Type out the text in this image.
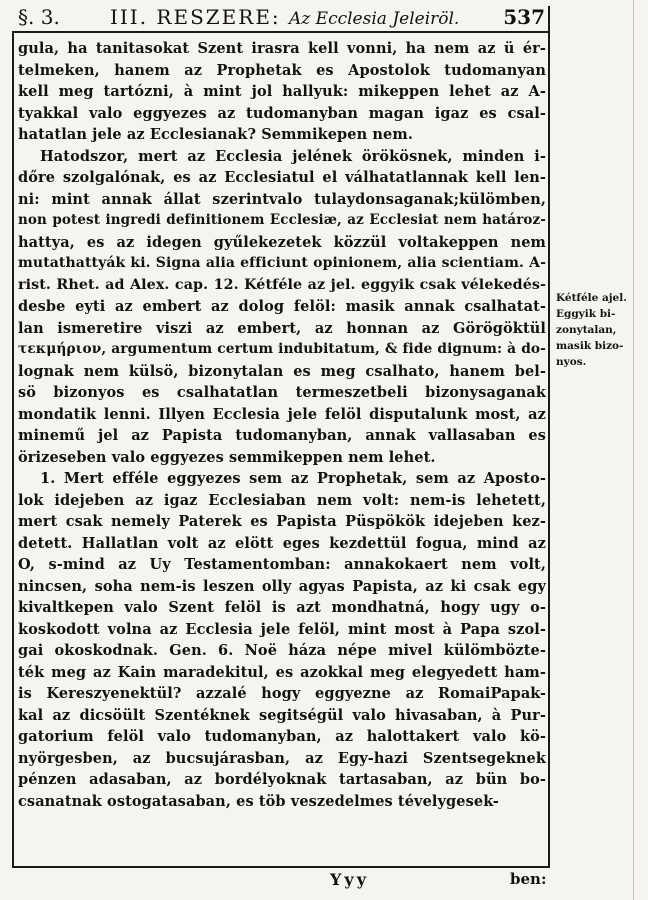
§. 3.	III. RESZERE: Az Ecclesia Jeleiröl. 537
gula, ha tanitasokat Szent irasra kell vonni, ha nem az ü ér-
telmeken, hanem az Prophetak es Apostolok tudomanyan
kell meg tartózni, à mint jol hallyuk: mikeppen lehet az A-
tyakkal valo eggyezes az tudomanyban magan igaz es csal-
hatatlan jele az Ecclesianak? Semmikepen nem.
Hatodszor, mert az Ecclesia jelének örökösnek, minden i-
dőre szolgalónak, es az Ecclesiatul el válhatatlannak kell len-
ni: mint annak állat szerintvalo tulaydonsaganak;külömben,
non potest ingredi definitionem Ecclesiæ, az Ecclesiat nem határoz-
hattya, es az idegen gyűlekezetek közzül voltakeppen nem
mutathattyák ki. Signa alia efficiunt opinionem, alia scientiam. A-
rist. Rhet. ad Alex. cap. 12. Kétféle az jel. eggyik csak vélekedés-
desbe eyti az embert az dolog felöl: masik annak csalhatat-
lan ismeretire viszi az embert, az honnan az Görögöktül
τεκμήριον, argumentum certum indubitatum, & fide dignum: à do-
lognak nem külsö, bizonytalan es meg csalhato, hanem bel-
sö bizonyos es csalhatatlan termeszetbeli bizonysaganak
mondatik lenni. Illyen Ecclesia jele felöl disputalunk most, az
minemű jel az Papista tudomanyban, annak vallasaban es
örizeseben valo eggyezes semmikeppen nem lehet.
1. Mert efféle eggyezes sem az Prophetak, sem az Aposto-
lok idejeben az igaz Ecclesiaban nem volt: nem-is lehetett,
mert csak nemely Paterek es Papista Püspökök idejeben kez-
detett. Hallatlan volt az elött eges kezdettül fogua, mind az
O, s-mind az Uy Testamentomban: annakokaert nem volt,
nincsen, soha nem-is leszen olly agyas Papista, az ki csak egy
kivaltkepen valo Szent felöl is azt mondhatná, hogy ugy o-
koskodott volna az Ecclesia jele felöl, mint most à Papa szol-
gai okoskodnak. Gen. 6. Noë háza népe mivel külömbözte-
ték meg az Kain maradekitul, es azokkal meg elegyedett ham-
is Kereszyenektül? azzalé hogy eggyezne az RomaiPapak-
kal az dicsöült Szentéknek segitségül valo hivasaban, à Pur-
gatorium felöl valo tudomanyban, az halottakert valo kö-
nyörgesben, az bucsujárasban, az Egy-hazi Szentsegeknek
pénzen adasaban, az bordélyoknak tartasaban, az bün bo-
csanatnak ostogatasaban, es töb veszedelmes tévelygesek-
Kétféle ajel.
Eggyik bi-
zonytalan,
masik bizo-
nyos.
Yyy	ben:
